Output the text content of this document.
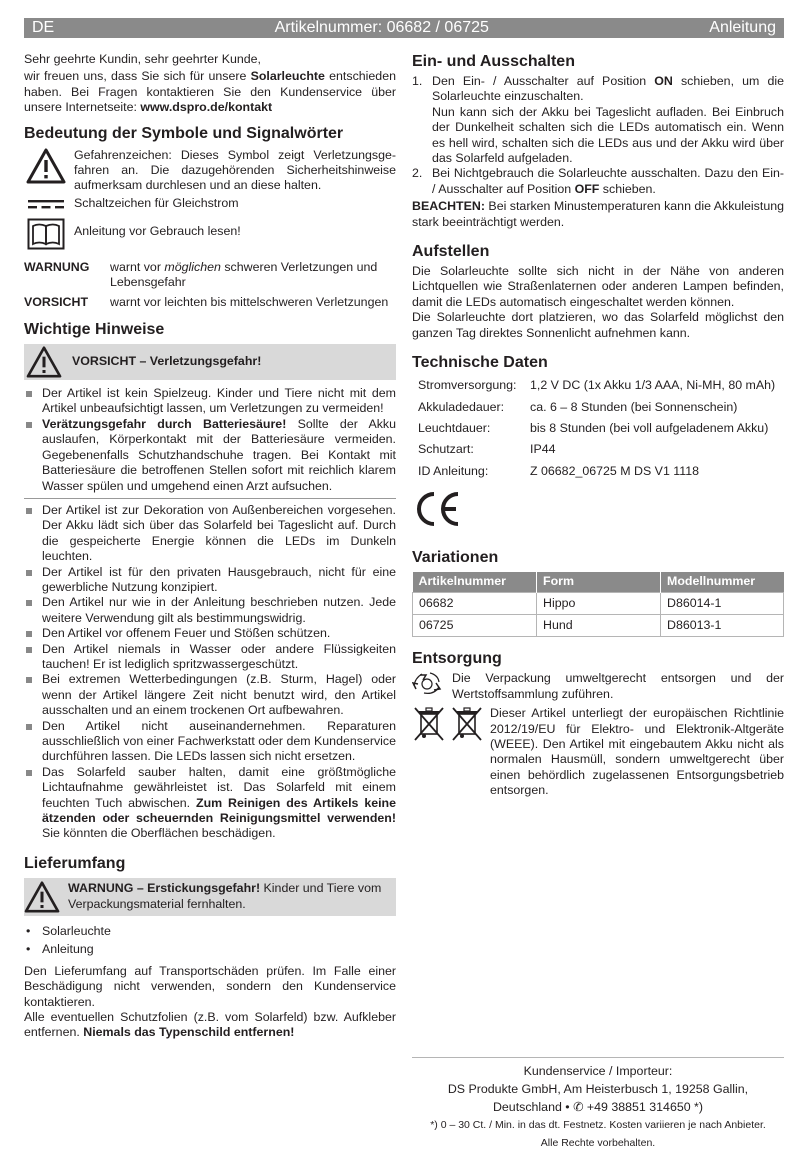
DE	Artikelnummer: 06682 / 06725	Anleitung
Sehr geehrte Kundin, sehr geehrter Kunde,

wir freuen uns, dass Sie sich für unsere Solarleuchte entschieden haben. Bei Fragen kontaktieren Sie den Kundenservice über unsere Internetseite: www.dspro.de/kontakt

Bedeutung der Symbole und Signalwörter
Gefahrenzeichen: Dieses Symbol zeigt Verletzungsgefahren an. Die dazugehörenden Sicherheitshinweise aufmerksam durchlesen und an diese halten.
Schaltzeichen für Gleichstrom
Anleitung vor Gebrauch lesen!
WARNUNG	warnt vor möglichen schweren Verletzungen und Lebensgefahr
VORSICHT	warnt vor leichten bis mittelschweren Verletzungen
Wichtige Hinweise
VORSICHT – Verletzungsgefahr!
Der Artikel ist kein Spielzeug. Kinder und Tiere nicht mit dem Artikel unbeaufsichtigt lassen, um Verletzungen zu vermeiden!
Verätzungsgefahr durch Batteriesäure! Sollte der Akku auslaufen, Körperkontakt mit der Batteriesäure vermeiden. Gegebenenfalls Schutzhandschuhe tragen. Bei Kontakt mit Batteriesäure die betroffenen Stellen sofort mit reichlich klarem Wasser spülen und umgehend einen Arzt aufsuchen.
Der Artikel ist zur Dekoration von Außenbereichen vorgesehen. Der Akku lädt sich über das Solarfeld bei Tageslicht auf. Durch die gespeicherte Energie können die LEDs im Dunkeln leuchten.
Der Artikel ist für den privaten Hausgebrauch, nicht für eine gewerbliche Nutzung konzipiert.
Den Artikel nur wie in der Anleitung beschrieben nutzen. Jede weitere Verwendung gilt als bestimmungswidrig.
Den Artikel vor offenem Feuer und Stößen schützen.
Den Artikel niemals in Wasser oder andere Flüssigkeiten tauchen! Er ist lediglich spritzwassergeschützt.
Bei extremen Wetterbedingungen (z.B. Sturm, Hagel) oder wenn der Artikel längere Zeit nicht benutzt wird, den Artikel ausschalten und an einem trockenen Ort aufbewahren.
Den Artikel nicht auseinandernehmen. Reparaturen ausschließlich von einer Fachwerkstatt oder dem Kundenservice durchführen lassen. Die LEDs lassen sich nicht ersetzen.
Das Solarfeld sauber halten, damit eine größtmögliche Lichtaufnahme gewährleistet ist. Das Solarfeld mit einem feuchten Tuch abwischen. Zum Reinigen des Artikels keine ätzenden oder scheuernden Reinigungsmittel verwenden! Sie könnten die Oberflächen beschädigen.
Lieferumfang
WARNUNG – Erstickungsgefahr! Kinder und Tiere vom Verpackungsmaterial fernhalten.
• Solarleuchte
• Anleitung

Den Lieferumfang auf Transportschäden prüfen. Im Falle einer Beschädigung nicht verwenden, sondern den Kundenservice kontaktieren.

Alle eventuellen Schutzfolien (z.B. vom Solarfeld) bzw. Aufkleber entfernen. Niemals das Typenschild entfernen!

Ein- und Ausschalten
1. Den Ein- / Ausschalter auf Position ON schieben, um die Solarleuchte einzuschalten.
Nun kann sich der Akku bei Tageslicht aufladen. Bei Einbruch der Dunkelheit schalten sich die LEDs automatisch ein. Wenn es hell wird, schalten sich die LEDs aus und der Akku wird über das Solarfeld aufgeladen.
2. Bei Nichtgebrauch die Solarleuchte ausschalten. Dazu den Ein- / Ausschalter auf Position OFF schieben.

BEACHTEN: Bei starken Minustemperaturen kann die Akkuleistung stark beeinträchtigt werden.

Aufstellen

Die Solarleuchte sollte sich nicht in der Nähe von anderen Lichtquellen wie Straßenlaternen oder anderen Lampen befinden, damit die LEDs automatisch eingeschaltet werden können.

Die Solarleuchte dort platzieren, wo das Solarfeld möglichst den ganzen Tag direktes Sonnenlicht aufnehmen kann.

Technische Daten
Stromversorgung:	1,2 V DC (1x Akku 1/3 AAA, Ni-MH, 80 mAh)
Akkuladedauer:	ca. 6 – 8 Stunden (bei Sonnenschein)
Leuchtdauer:	bis 8 Stunden (bei voll aufgeladenem Akku)
Schutzart:	IP44
ID Anleitung:	Z 06682_06725 M DS V1 1118
Variationen
Artikelnummer	Form	Modellnummer
06682	Hippo	D86014-1
06725	Hund	D86013-1
Entsorgung
Die Verpackung umweltgerecht entsorgen und der Wertstoffsammlung zuführen.
Dieser Artikel unterliegt der europäischen Richtlinie 2012/19/EU für Elektro- und Elektronik-Altgeräte (WEEE). Den Artikel mit eingebautem Akku nicht als normalen Hausmüll, sondern umweltgerecht über einen behördlich zugelassenen Entsorgungsbetrieb entsorgen.
Kundenservice / Importeur:
DS Produkte GmbH, Am Heisterbusch 1, 19258 Gallin,
Deutschland • ✆ +49 38851 314650 *)
*) 0 – 30 Ct. / Min. in das dt. Festnetz. Kosten variieren je nach Anbieter.
Alle Rechte vorbehalten.
